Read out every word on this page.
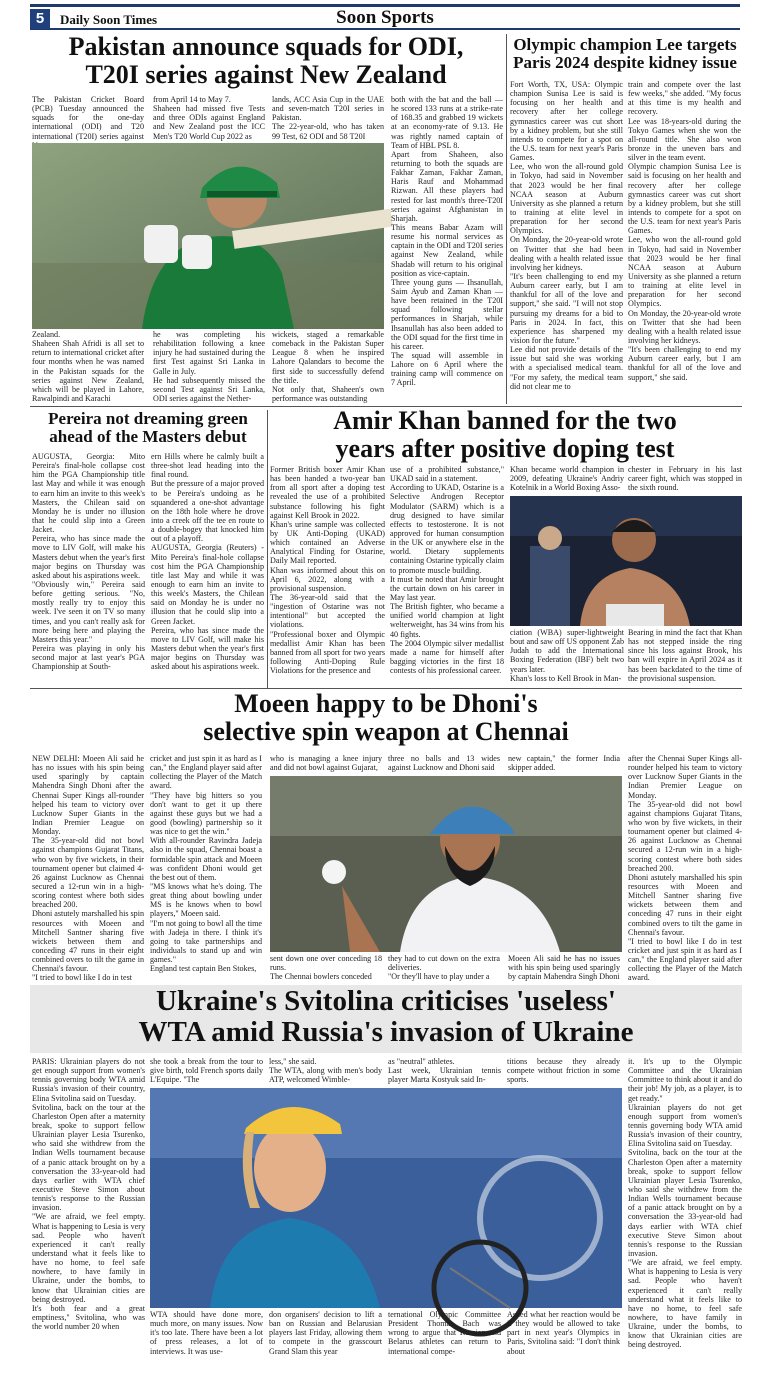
5	Daily Soon Times	Soon Sports
Pakistan announce squads for ODI,
T20I series against New Zealand
The Pakistan Cricket Board (PCB) Tuesday announced the squads for the one-day international (ODI) and T20 international (T20I) series against
from April 14 to May 7.
Shaheen had missed five Tests and three ODIs against England and New Zealand post the ICC Men's T20 World Cup 2022 as
lands, ACC Asia Cup in the UAE and seven-match T20I series in Pakistan.
The 22-year-old, who has taken 99 Test, 62 ODI and 58 T20I
Zealand.
Shaheen Shah Afridi is all set to return to international cricket after four months when he was named in the Pakistan squads for the series against New Zealand, which will be played in Lahore, Rawalpindi and Karachi
he was completing his rehabilitation following a knee injury he had sustained during the first Test against Sri Lanka in Galle in July.
He had subsequently missed the second Test against Sri Lanka, ODI series against the Nether-
wickets, staged a remarkable comeback in the Pakistan Super League 8 when he inspired Lahore Qalandars to become the first side to successfully defend the title.
Not only that, Shaheen's own performance was outstanding
both with the bat and the ball — he scored 133 runs at a strike-rate of 168.35 and grabbed 19 wickets at an economy-rate of 9.13. He was rightly named captain of Team of HBL PSL 8.
Apart from Shaheen, also returning to both the squads are Fakhar Zaman, Fakhar Zaman, Haris Rauf and Mohammad Rizwan. All these players had rested for last month's three-T20I series against Afghanistan in Sharjah.
This means Babar Azam will resume his normal services as captain in the ODI and T20I series against New Zealand, while Shadab will return to his original position as vice-captain.
Three young guns — Ihsanullah, Saim Ayub and Zaman Khan — have been retained in the T20I squad following stellar performances in Sharjah, while Ihsanullah has also been added to the ODI squad for the first time in his career.
The squad will assemble in Lahore on 6 April where the training camp will commence on 7 April.
Olympic champion Lee targets
Paris 2024 despite kidney issue
Fort Worth, TX, USA: Olympic champion Sunisa Lee is said is focusing on her health and recovery after her college gymnastics career was cut short by a kidney problem, but she still intends to compete for a spot on the U.S. team for next year's Paris Games.
Lee, who won the all-round gold in Tokyo, had said in November that 2023 would be her final NCAA season at Auburn University as she planned a return to training at elite level in preparation for her second Olympics.
On Monday, the 20-year-old wrote on Twitter that she had been dealing with a health related issue involving her kidneys.
"It's been challenging to end my Auburn career early, but I am thankful for all of the love and support," she said. "I will not stop pursuing my dreams for a bid to Paris in 2024. In fact, this experience has sharpened my vision for the future."
Lee did not provide details of the issue but said she was working with a specialised medical team. "For my safety, the medical team did not clear me to
train and compete over the last few weeks," she added. "My focus at this time is my health and recovery.
Lee was 18-years-old during the Tokyo Games when she won the all-round title. She also won bronze in the uneven bars and silver in the team event.
Olympic champion Sunisa Lee is said is focusing on her health and recovery after her college gymnastics career was cut short by a kidney problem, but she still intends to compete for a spot on the U.S. team for next year's Paris Games.
Lee, who won the all-round gold in Tokyo, had said in November that 2023 would be her final NCAA season at Auburn University as she planned a return to training at elite level in preparation for her second Olympics.
On Monday, the 20-year-old wrote on Twitter that she had been dealing with a health related issue involving her kidneys.
"It's been challenging to end my Auburn career early, but I am thankful for all of the love and support," she said.
Pereira not dreaming green
ahead of the Masters debut
AUGUSTA, Georgia: Mito Pereira's final-hole collapse cost him the PGA Championship title last May and while it was enough to earn him an invite to this week's Masters, the Chilean said on Monday he is under no illusion that he could slip into a Green Jacket.
Pereira, who has since made the move to LIV Golf, will make his Masters debut when the year's first major begins on Thursday was asked about his aspirations week.
"Obviously win," Pereira said before getting serious. "No, mostly really try to enjoy this week. I've seen it on TV so many times, and you can't really ask for more being here and playing the Masters this year."
Pereira was playing in only his second major at last year's PGA Championship at South-
ern Hills where he calmly built a three-shot lead heading into the final round.
But the pressure of a major proved to be Pereira's undoing as he squandered a one-shot advantage on the 18th hole where he drove into a creek off the tee en route to a double-bogey that knocked him out of a playoff.
AUGUSTA, Georgia (Reuters) - Mito Pereira's final-hole collapse cost him the PGA Championship title last May and while it was enough to earn him an invite to this week's Masters, the Chilean said on Monday he is under no illusion that he could slip into a Green Jacket.
Pereira, who has since made the move to LIV Golf, will make his Masters debut when the year's first major begins on Thursday was asked about his aspirations week.
Amir Khan banned for the two
years after positive doping test
Former British boxer Amir Khan has been handed a two-year ban from all sport after a doping test revealed the use of a prohibited substance following his fight against Kell Brook in 2022.
Khan's urine sample was collected by UK Anti-Doping (UKAD) which contained an Adverse Analytical Finding for Ostarine, Daily Mail reported.
Khan was informed about this on April 6, 2022, along with a provisional suspension.
The 36-year-old said that the "ingestion of Ostarine was not intentional" but accepted the violations.
"Professional boxer and Olympic medallist Amir Khan has been banned from all sport for two years following Anti-Doping Rule Violations for the presence and
use of a prohibited substance," UKAD said in a statement.
According to UKAD, Ostarine is a Selective Androgen Receptor Modulator (SARM) which is a drug designed to have similar effects to testosterone. It is not approved for human consumption in the UK or anywhere else in the world. Dietary supplements containing Ostarine typically claim to promote muscle building.
It must be noted that Amir brought the curtain down on his career in May last year.
The British fighter, who became a unified world champion at light welterweight, has 34 wins from his 40 fights.
The 2004 Olympic silver medallist made a name for himself after bagging victories in the first 18 contests of his professional career.
Khan became world champion in 2009, defeating Ukraine's Andriy Kotelnik in a World Boxing Asso-
chester in February in his last career fight, which was stopped in the sixth round.
ciation (WBA) super-lightweight bout and saw off US opponent Zab Judah to add the International Boxing Federation (IBF) belt two years later.
Khan's loss to Kell Brook in Man-
Bearing in mind the fact that Khan has not stepped inside the ring since his loss against Brook, his ban will expire in April 2024 as it has been backdated to the time of the provisional suspension.
Moeen happy to be Dhoni's
selective spin weapon at Chennai
NEW DELHI: Moeen Ali said he has no issues with his spin being used sparingly by captain Mahendra Singh Dhoni after the Chennai Super Kings all-rounder helped his team to victory over Lucknow Super Giants in the Indian Premier League on Monday.
The 35-year-old did not bowl against champions Gujarat Titans, who won by five wickets, in their tournament opener but claimed 4-26 against Lucknow as Chennai secured a 12-run win in a high-scoring contest where both sides breached 200.
Dhoni astutely marshalled his spin resources with Moeen and Mitchell Santner sharing five wickets between them and conceding 47 runs in their eight combined overs to tilt the game in Chennai's favour.
"I tried to bowl like I do in test
cricket and just spin it as hard as I can," the England player said after collecting the Player of the Match award.
"They have big hitters so you don't want to get it up there against these guys but we had a good (bowling) partnership so it was nice to get the win."
With all-rounder Ravindra Jadeja also in the squad, Chennai boast a formidable spin attack and Moeen was confident Dhoni would get the best out of them.
"MS knows what he's doing. The great thing about bowling under MS is he knows when to bowl players," Moeen said.
"I'm not going to bowl all the time with Jadeja in there. I think it's going to take partnerships and individuals to stand up and win games."
England test captain Ben Stokes,
who is managing a knee injury and did not bowl against Gujarat,
three no balls and 13 wides against Lucknow and Dhoni said
new captain," the former India skipper added.
sent down one over conceding 18 runs.
The Chennai bowlers conceded
they had to cut down on the extra deliveries.
"Or they'll have to play under a
Moeen Ali said he has no issues with his spin being used sparingly by captain Mahendra Singh Dhoni
after the Chennai Super Kings all-rounder helped his team to victory over Lucknow Super Giants in the Indian Premier League on Monday.
The 35-year-old did not bowl against champions Gujarat Titans, who won by five wickets, in their tournament opener but claimed 4-26 against Lucknow as Chennai secured a 12-run win in a high-scoring contest where both sides breached 200.
Dhoni astutely marshalled his spin resources with Moeen and Mitchell Santner sharing five wickets between them and conceding 47 runs in their eight combined overs to tilt the game in Chennai's favour.
"I tried to bowl like I do in test cricket and just spin it as hard as I can," the England player said after collecting the Player of the Match award.
Ukraine's Svitolina criticises 'useless'
WTA amid Russia's invasion of Ukraine
PARIS: Ukrainian players do not get enough support from women's tennis governing body WTA amid Russia's invasion of their country, Elina Svitolina said on Tuesday.
Svitolina, back on the tour at the Charleston Open after a maternity break, spoke to support fellow Ukrainian player Lesia Tsurenko, who said she withdrew from the Indian Wells tournament because of a panic attack brought on by a conversation the 33-year-old had days earlier with WTA chief executive Steve Simon about tennis's response to the Russian invasion.
"We are afraid, we feel empty. What is happening to Lesia is very sad. People who haven't experienced it can't really understand what it feels like to have no home, to feel safe nowhere, to have family in Ukraine, under the bombs, to know that Ukrainian cities are being destroyed.
It's both fear and a great emptiness," Svitolina, who was the world number 20 when
she took a break from the tour to give birth, told French sports daily L'Equipe. "The
less," she said.
The WTA, along with men's body ATP, welcomed Wimble-
as "neutral" athletes.
Last week, Ukrainian tennis player Marta Kostyuk said In-
titions because they already compete without friction in some sports.
WTA should have done more, much more, on many issues. Now it's too late. There have been a lot of press releases, a lot of interviews. It was use-
don organisers' decision to lift a ban on Russian and Belarusian players last Friday, allowing them to compete in the grasscourt Grand Slam this year
ternational Olympic Committee President Thomas Bach was wrong to argue that Russian and Belarus athletes can return to international compe-
Asked what her reaction would be if they would be allowed to take part in next year's Olympics in Paris, Svitolina said: "I don't think about
it. It's up to the Olympic Committee and the Ukrainian Committee to think about it and do their job! My job, as a player, is to get ready."
Ukrainian players do not get enough support from women's tennis governing body WTA amid Russia's invasion of their country, Elina Svitolina said on Tuesday.
Svitolina, back on the tour at the Charleston Open after a maternity break, spoke to support fellow Ukrainian player Lesia Tsurenko, who said she withdrew from the Indian Wells tournament because of a panic attack brought on by a conversation the 33-year-old had days earlier with WTA chief executive Steve Simon about tennis's response to the Russian invasion.
"We are afraid, we feel empty. What is happening to Lesia is very sad. People who haven't experienced it can't really understand what it feels like to have no home, to feel safe nowhere, to have family in Ukraine, under the bombs, to know that Ukrainian cities are being destroyed.
